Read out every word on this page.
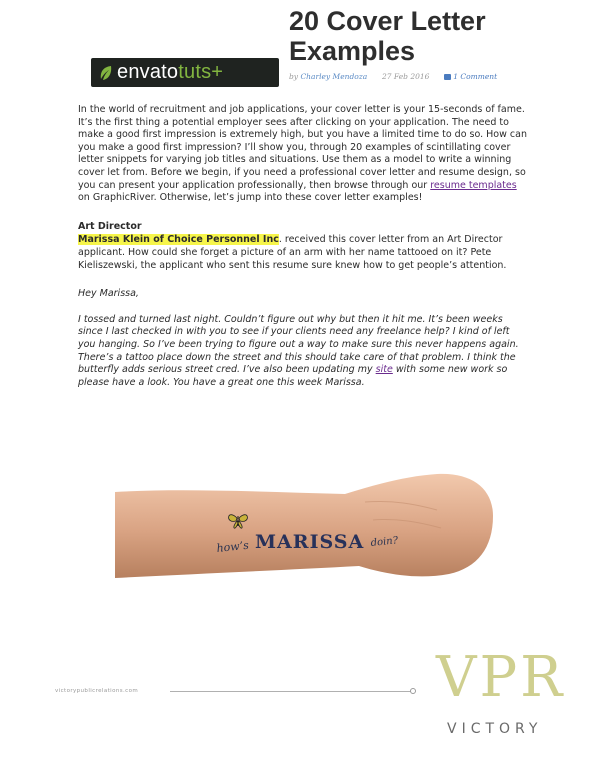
envatotuts+
20 Cover Letter Examples
by Charley Mendoza 27 Feb 2016	1 Comment

In the world of recruitment and job applications, your cover letter is your 15-seconds of fame. It’s the first thing a potential employer sees after clicking on your application. The need to make a good first impression is extremely high, but you have a limited time to do so. How can you make a good first impression? I’ll show you, through 20 examples of scintillating cover letter snippets for varying job titles and situations. Use them as a model to write a winning cover let from. Before we begin, if you need a professional cover letter and resume design, so you can present your application professionally, then browse through our resume templates on GraphicRiver. Otherwise, let’s jump into these cover letter examples!

Art Director

Marissa Klein of Choice Personnel Inc. received this cover letter from an Art Director applicant. How could she forget a picture of an arm with her name tattooed on it? Pete Kieliszewski, the applicant who sent this resume sure knew how to get people’s attention.

Hey Marissa,

I tossed and turned last night. Couldn’t figure out why but then it hit me. It’s been weeks since I last checked in with you to see if your clients need any freelance help? I kind of left you hanging. So I’ve been trying to figure out a way to make sure this never happens again. There’s a tattoo place down the street and this should take care of that problem. I think the butterfly adds serious street cred. I’ve also been updating my site with some new work so please have a look. You have a great one this week Marissa.

how’s MARISSA doin?
victorypublicrelations.com	VPR
VICTORY
